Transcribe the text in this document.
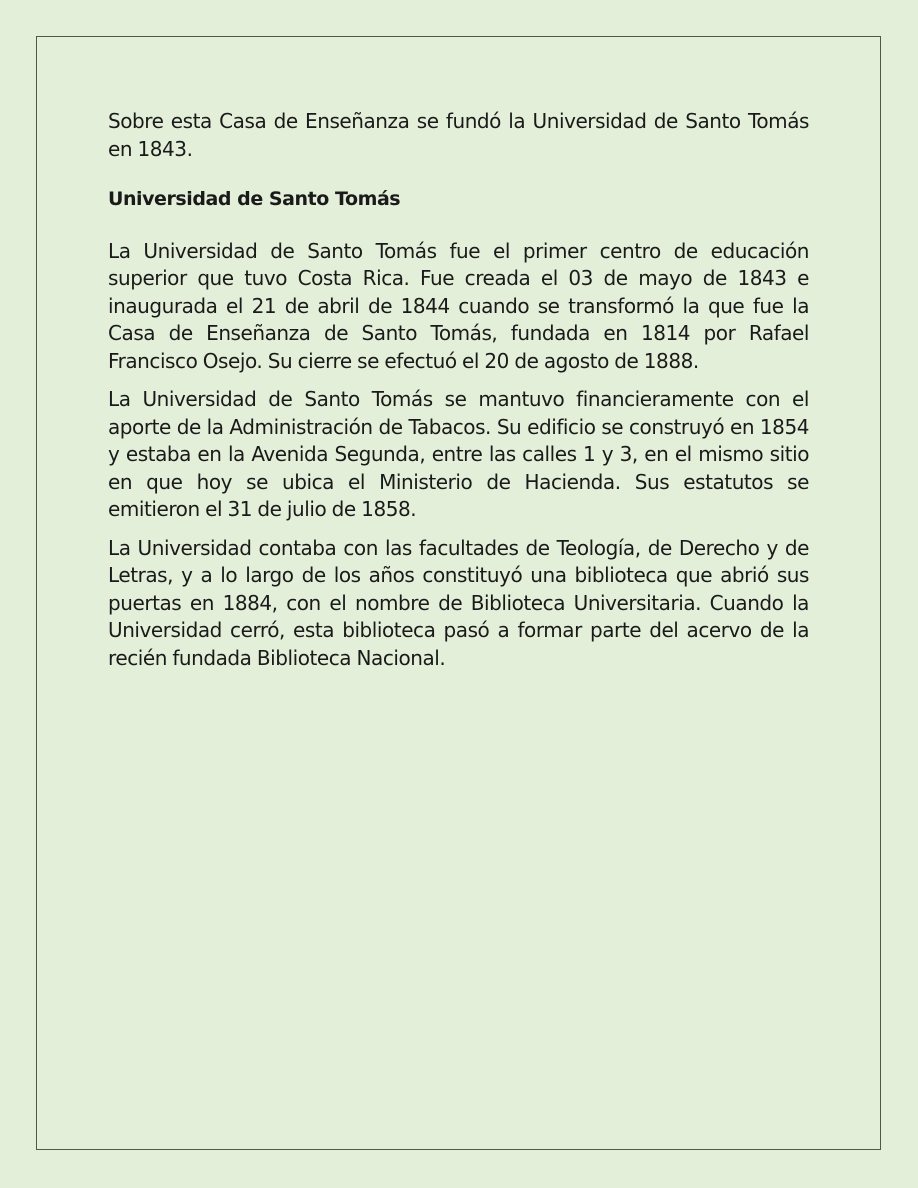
Sobre esta Casa de Enseñanza se fundó la Universidad de Santo Tomás en 1843.

Universidad de Santo Tomás

La Universidad de Santo Tomás fue el primer centro de educación superior que tuvo Costa Rica. Fue creada el 03 de mayo de 1843 e inaugurada el 21 de abril de 1844 cuando se transformó la que fue la Casa de Enseñanza de Santo Tomás, fundada en 1814 por Rafael Francisco Osejo. Su cierre se efectuó el 20 de agosto de 1888.

La Universidad de Santo Tomás se mantuvo financieramente con el aporte de la Administración de Tabacos. Su edificio se construyó en 1854 y estaba en la Avenida Segunda, entre las calles 1 y 3, en el mismo sitio en que hoy se ubica el Ministerio de Hacienda. Sus estatutos se emitieron el 31 de julio de 1858.

La Universidad contaba con las facultades de Teología, de Derecho y de Letras, y a lo largo de los años constituyó una biblioteca que abrió sus puertas en 1884, con el nombre de Biblioteca Universitaria. Cuando la Universidad cerró, esta biblioteca pasó a formar parte del acervo de la recién fundada Biblioteca Nacional.
